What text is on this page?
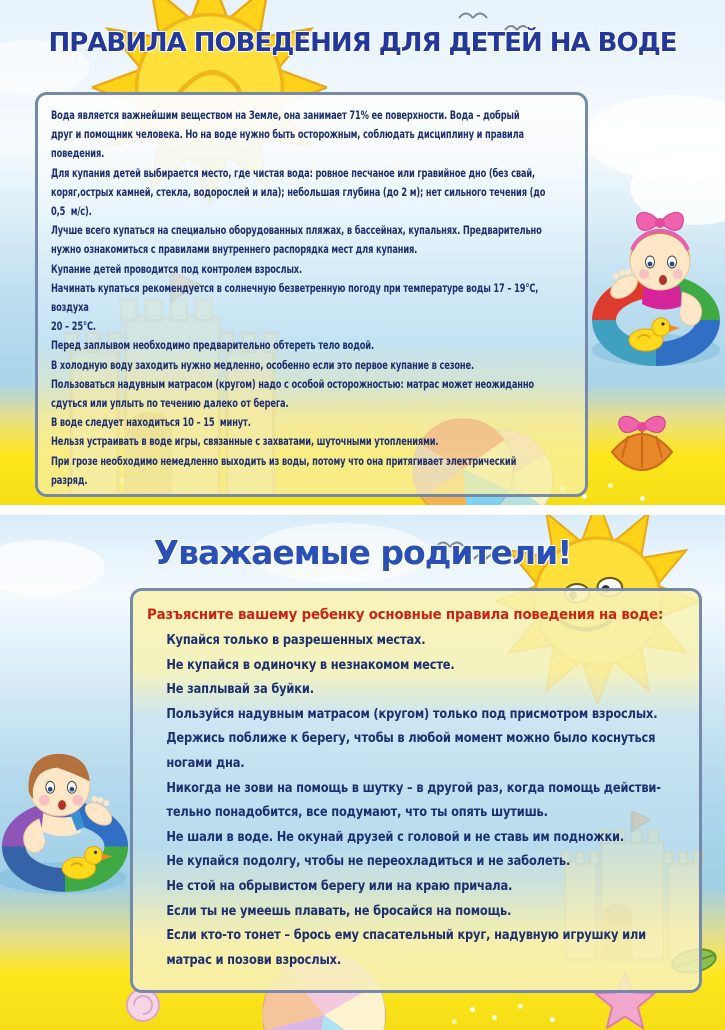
ПРАВИЛА ПОВЕДЕНИЯ ДЛЯ ДЕТЕЙ НА ВОДЕ
Вода является важнейшим веществом на Земле, она занимает 71% ее поверхности. Вода – добрый
друг и помощник человека. Но на воде нужно быть осторожным, соблюдать дисциплину и правила
поведения.
Для купания детей выбирается место, где чистая вода: ровное песчаное или гравийное дно (без свай,
коряг,острых камней, стекла, водорослей и ила); небольшая глубина (до 2 м); нет сильного течения (до
0,5  м/с).
Лучше всего купаться на специально оборудованных пляжах, в бассейнах, купальнях. Предварительно
нужно ознакомиться с правилами внутреннего распорядка мест для купания.
Купание детей проводится под контролем взрослых.
Начинать купаться рекомендуется в солнечную безветренную погоду при температуре воды 17 – 19°С,
воздуха
20 – 25°С.
Перед заплывом необходимо предварительно обтереть тело водой.
В холодную воду заходить нужно медленно, особенно если это первое купание в сезоне.
Пользоваться надувным матрасом (кругом) надо с особой осторожностью: матрас может неожиданно
сдуться или уплыть по течению далеко от берега.
В воде следует находиться 10 – 15  минут.
Нельзя устраивать в воде игры, связанные с захватами, шуточными утоплениями.
При грозе необходимо немедленно выходить из воды, потому что она притягивает электрический
разряд.
Уважаемые родители!
Разъясните вашему ребенку основные правила поведения на воде:
Купайся только в разрешенных местах.
Не купайся в одиночку в незнакомом месте.
Не заплывай за буйки.
Пользуйся надувным матрасом (кругом) только под присмотром взрослых.
Держись поближе к берегу, чтобы в любой момент можно было коснуться
ногами дна.
Никогда не зови на помощь в шутку – в другой раз, когда помощь действи-
тельно понадобится, все подумают, что ты опять шутишь.
Не шали в воде. Не окунай друзей с головой и не ставь им подножки.
Не купайся подолгу, чтобы не переохладиться и не заболеть.
Не стой на обрывистом берегу или на краю причала.
Если ты не умеешь плавать, не бросайся на помощь.
Если кто-то тонет – брось ему спасательный круг, надувную игрушку или
матрас и позови взрослых.
